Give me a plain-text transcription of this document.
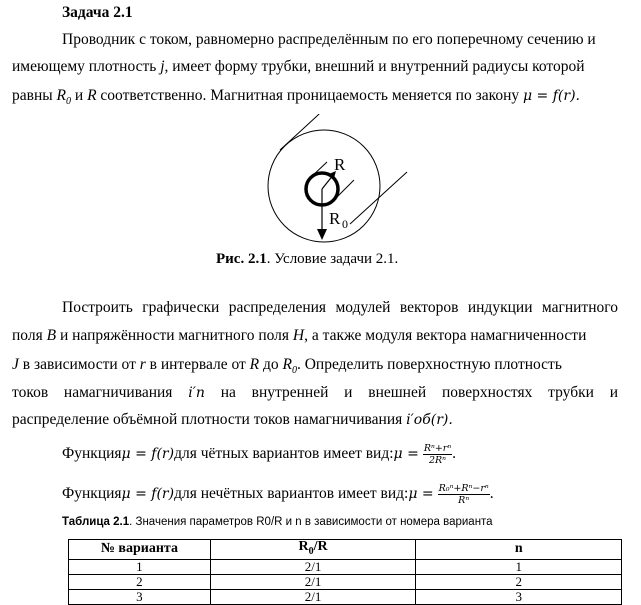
Задача 2.1
Проводник с током, равномерно распределённым по его поперечному сечению и
имеющему плотность j, имеет форму трубки, внешний и внутренний радиусы которой
равны $R_0$ и R соответственно. Магнитная проницаемость меняется по закону μ = f(r).
R
R 0
Рис. 2.1. Условие задачи 2.1.
Построить графически распределения модулей векторов индукции магнитного
поля B и напряжённости магнитного поля H, а также модуля вектора намагниченности
J в зависимости от r в интервале от R до $R_0$. Определить поверхностную плотность
токов намагничивания i′п на внутренней и внешней поверхностях трубки и
распределение объёмной плотности токов намагничивания i′об(r).
Функция μ = f(r) для чётных вариантов имеет вид: $\mu = \frac{\text{Rⁿ+rⁿ}}{\text{2Rⁿ}}$ .
Функция μ = f(r) для нечётных вариантов имеет вид: $\mu = \frac{\text{R₀ⁿ+Rⁿ−rⁿ}}{\text{Rⁿ}}$ .
Таблица 2.1. Значения параметров R0/R и n в зависимости от номера варианта
№ варианта	$R_0/R$	n
1	2/1	1
2	2/1	2
3	2/1	3
